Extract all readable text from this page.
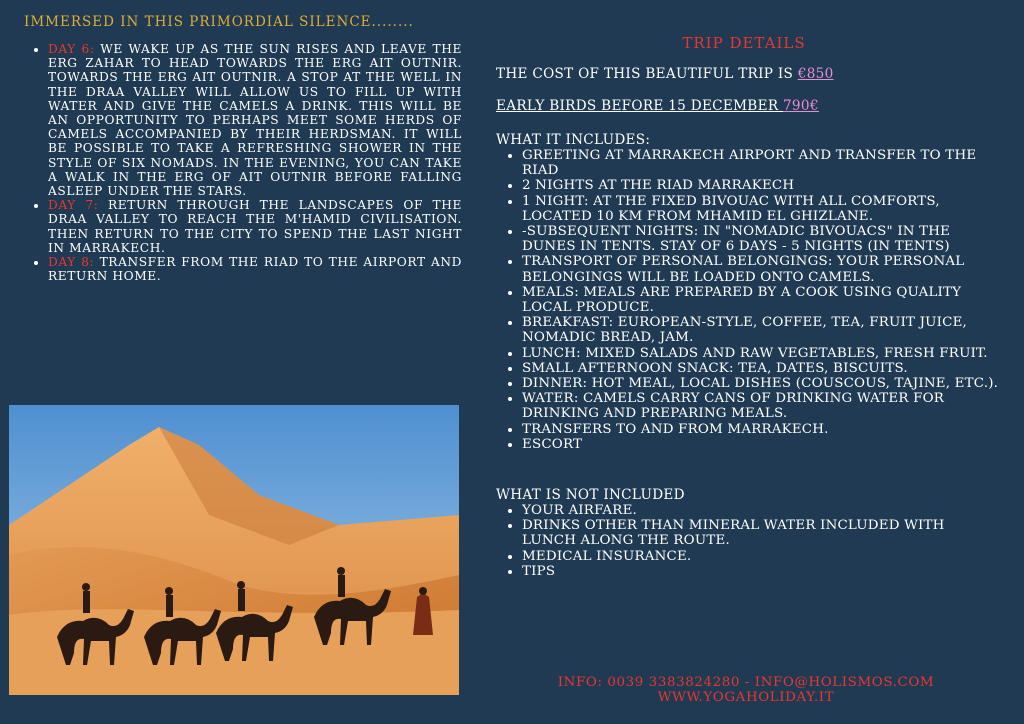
IMMERSED IN THIS PRIMORDIAL SILENCE........
• DAY 6: WE WAKE UP AS THE SUN RISES AND LEAVE THE ERG ZAHAR TO HEAD TOWARDS THE ERG AIT OUTNIR. TOWARDS THE ERG AIT OUTNIR. A STOP AT THE WELL IN THE DRAA VALLEY WILL ALLOW US TO FILL UP WITH WATER AND GIVE THE CAMELS A DRINK. THIS WILL BE AN OPPORTUNITY TO PERHAPS MEET SOME HERDS OF CAMELS ACCOMPANIED BY THEIR HERDSMAN. IT WILL BE POSSIBLE TO TAKE A REFRESHING SHOWER IN THE STYLE OF SIX NOMADS. IN THE EVENING, YOU CAN TAKE A WALK IN THE ERG OF AIT OUTNIR BEFORE FALLING ASLEEP UNDER THE STARS.
• DAY 7: RETURN THROUGH THE LANDSCAPES OF THE DRAA VALLEY TO REACH THE M'HAMID CIVILISATION. THEN RETURN TO THE CITY TO SPEND THE LAST NIGHT IN MARRAKECH.
• DAY 8: TRANSFER FROM THE RIAD TO THE AIRPORT AND RETURN HOME.
TRIP DETAILS

THE COST OF THIS BEAUTIFUL TRIP IS €850

EARLY BIRDS BEFORE 15 DECEMBER 790€

WHAT IT INCLUDES:
• GREETING AT MARRAKECH AIRPORT AND TRANSFER TO THE RIAD
• 2 NIGHTS AT THE RIAD MARRAKECH
• 1 NIGHT: AT THE FIXED BIVOUAC WITH ALL COMFORTS, LOCATED 10 KM FROM MHAMID EL GHIZLANE.
• -SUBSEQUENT NIGHTS: IN "NOMADIC BIVOUACS" IN THE DUNES IN TENTS. STAY OF 6 DAYS - 5 NIGHTS (IN TENTS)
• TRANSPORT OF PERSONAL BELONGINGS: YOUR PERSONAL BELONGINGS WILL BE LOADED ONTO CAMELS.
• MEALS: MEALS ARE PREPARED BY A COOK USING QUALITY LOCAL PRODUCE.
• BREAKFAST: EUROPEAN-STYLE, COFFEE, TEA, FRUIT JUICE, NOMADIC BREAD, JAM.
• LUNCH: MIXED SALADS AND RAW VEGETABLES, FRESH FRUIT.
• SMALL AFTERNOON SNACK: TEA, DATES, BISCUITS.
• DINNER: HOT MEAL, LOCAL DISHES (COUSCOUS, TAJINE, ETC.).
• WATER: CAMELS CARRY CANS OF DRINKING WATER FOR DRINKING AND PREPARING MEALS.
• TRANSFERS TO AND FROM MARRAKECH.
• ESCORT
WHAT IS NOT INCLUDED
• YOUR AIRFARE.
• DRINKS OTHER THAN MINERAL WATER INCLUDED WITH LUNCH ALONG THE ROUTE.
• MEDICAL INSURANCE.
• TIPS
INFO: 0039 3383824280 - INFO@HOLISMOS.COM
WWW.YOGAHOLIDAY.IT
